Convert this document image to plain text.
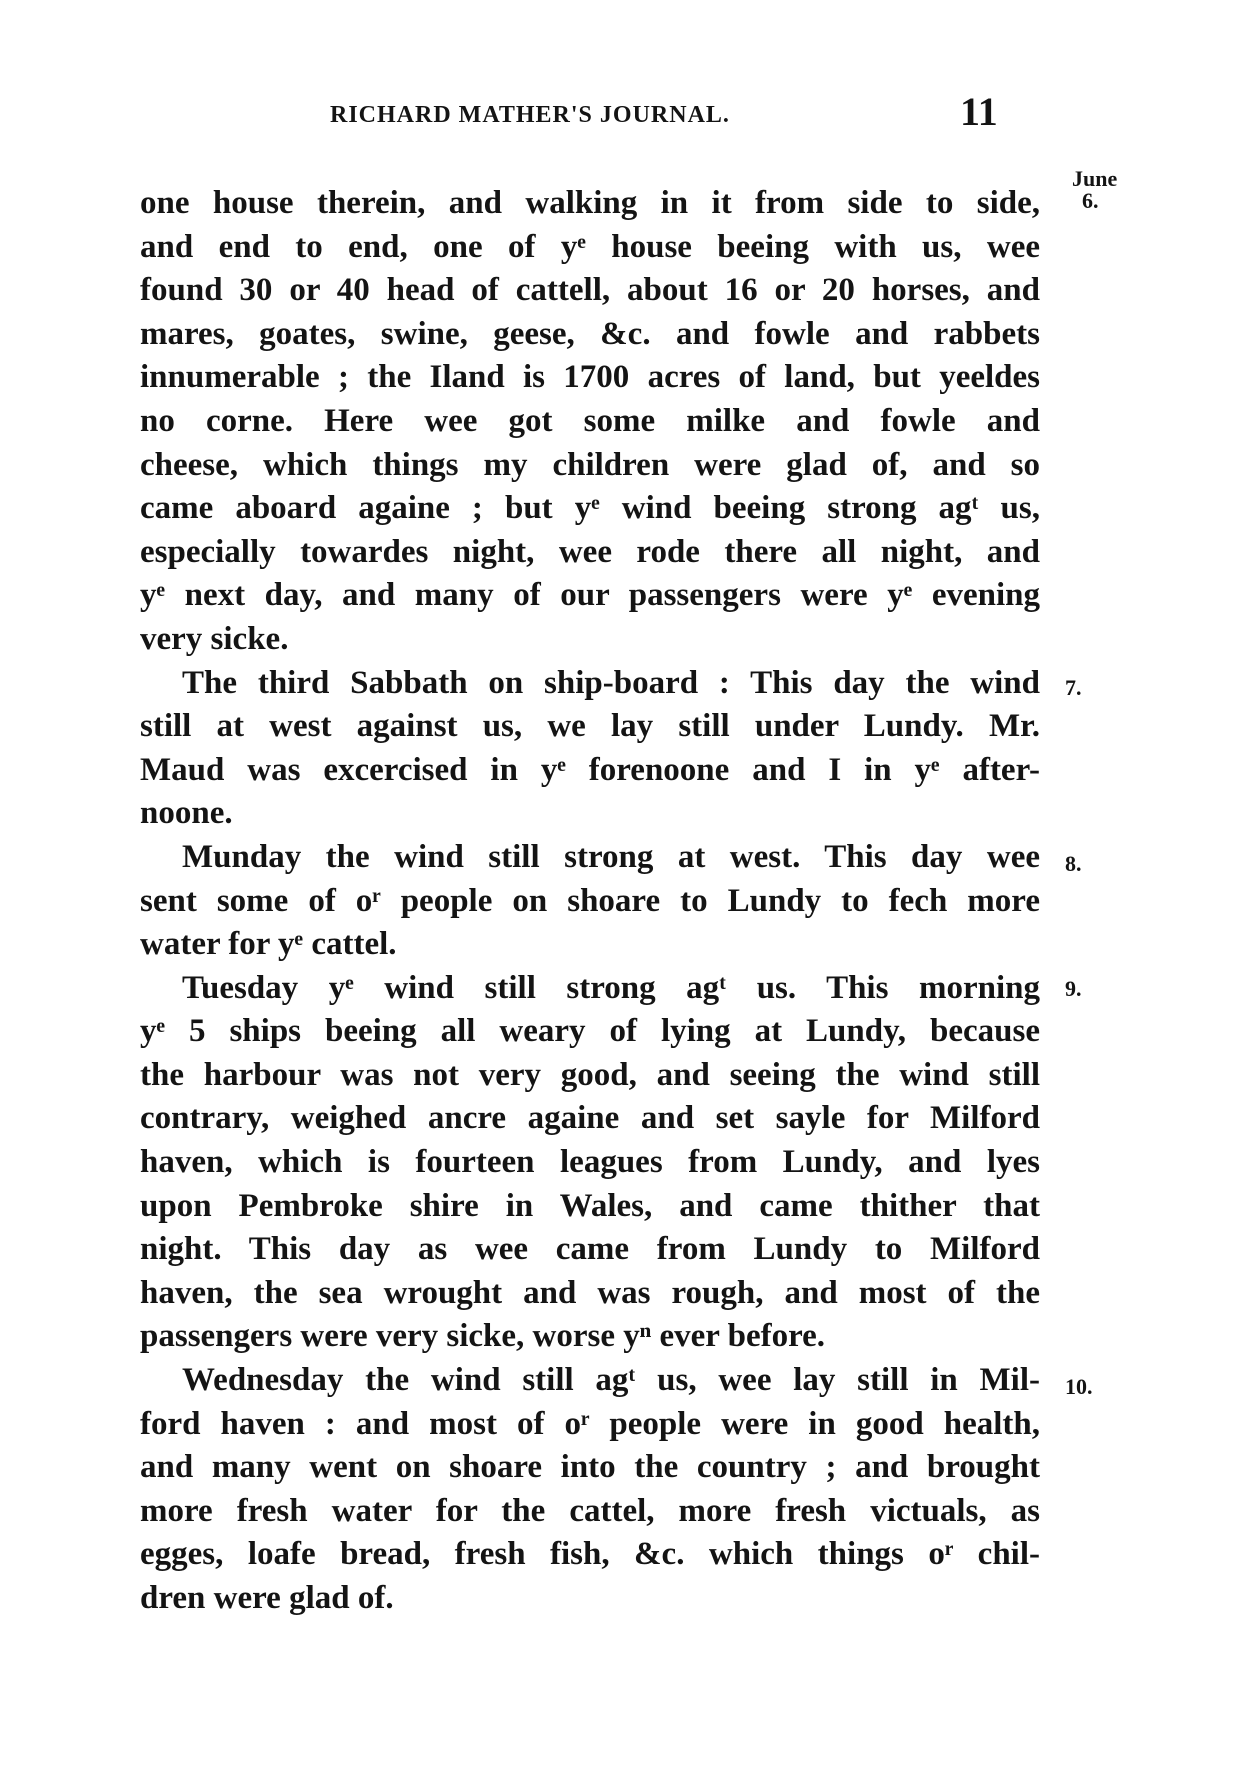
RICHARD MATHER'S JOURNAL.	11
June
6.
one house therein, and walking in it from side to side,
and end to end, one of yᵉ house beeing with us, wee
found 30 or 40 head of cattell, about 16 or 20 horses, and
mares, goates, swine, geese, &c. and fowle and rabbets
innumerable ; the Iland is 1700 acres of land, but yeeldes
no corne. Here wee got some milke and fowle and
cheese, which things my children were glad of, and so
came aboard againe ; but yᵉ wind beeing strong agᵗ us,
especially towardes night, wee rode there all night, and
yᵉ next day, and many of our passengers were yᵉ evening
very sicke.
7.
The third Sabbath on ship-board : This day the wind
still at west against us, we lay still under Lundy. Mr.
Maud was excercised in yᵉ forenoone and I in yᵉ after-
noone.
8.
Munday the wind still strong at west. This day wee
sent some of oʳ people on shoare to Lundy to fech more
water for yᵉ cattel.
9.
Tuesday yᵉ wind still strong agᵗ us. This morning
yᵉ 5 ships beeing all weary of lying at Lundy, because
the harbour was not very good, and seeing the wind still
contrary, weighed ancre againe and set sayle for Milford
haven, which is fourteen leagues from Lundy, and lyes
upon Pembroke shire in Wales, and came thither that
night. This day as wee came from Lundy to Milford
haven, the sea wrought and was rough, and most of the
passengers were very sicke, worse yⁿ ever before.
10.
Wednesday the wind still agᵗ us, wee lay still in Mil-
ford haven : and most of oʳ people were in good health,
and many went on shoare into the country ; and brought
more fresh water for the cattel, more fresh victuals, as
egges, loafe bread, fresh fish, &c. which things oʳ chil-
dren were glad of.
